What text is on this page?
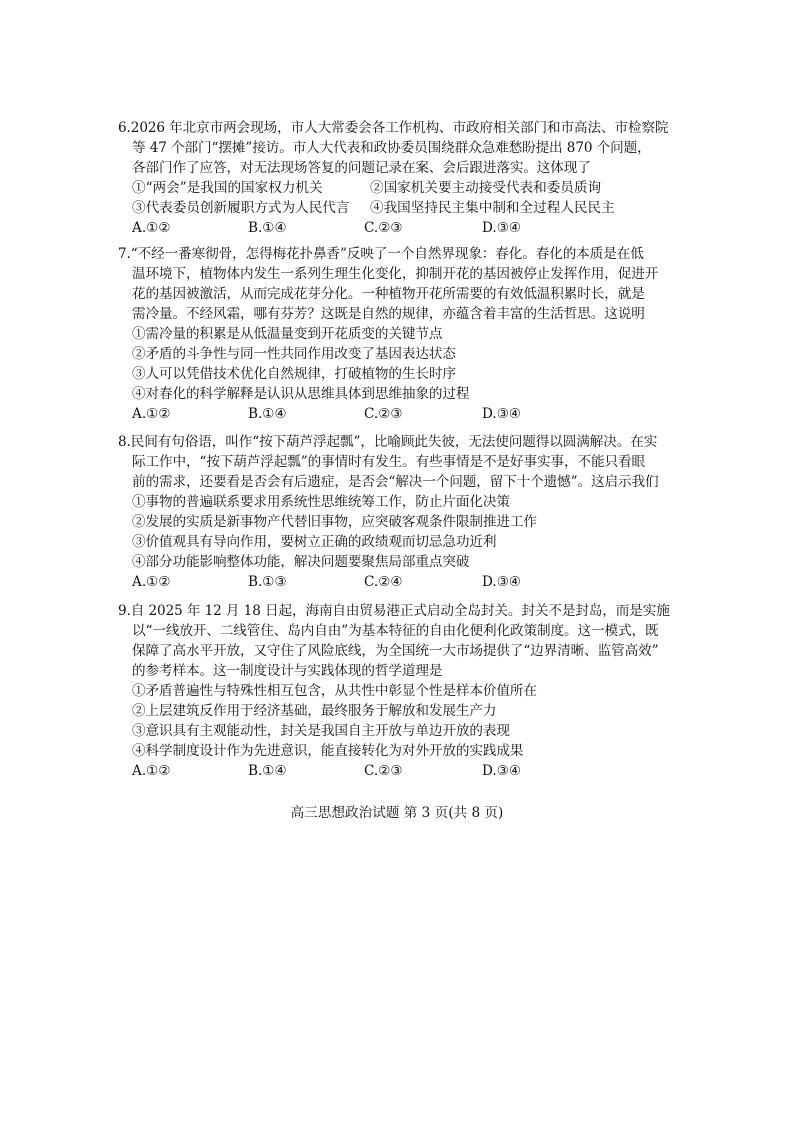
6.2026 年北京市两会现场，市人大常委会各工作机构、市政府相关部门和市高法、市检察院
等 47 个部门“摆摊”接访。市人大代表和政协委员围绕群众急难愁盼提出 870 个问题，
各部门作了应答，对无法现场答复的问题记录在案、会后跟进落实。这体现了
①“两会”是我国的国家权力机关	②国家机关要主动接受代表和委员质询
③代表委员创新履职方式为人民代言 ④我国坚持民主集中制和全过程人民民主
A.①②	B.①④	C.②③	D.③④
7.“不经一番寒彻骨，怎得梅花扑鼻香”反映了一个自然界现象：春化。春化的本质是在低
温环境下，植物体内发生一系列生理生化变化，抑制开花的基因被停止发挥作用，促进开
花的基因被激活，从而完成花芽分化。一种植物开花所需要的有效低温积累时长，就是
需冷量。不经风霜，哪有芬芳？这既是自然的规律，亦蕴含着丰富的生活哲思。这说明
①需冷量的积累是从低温量变到开花质变的关键节点
②矛盾的斗争性与同一性共同作用改变了基因表达状态
③人可以凭借技术优化自然规律，打破植物的生长时序
④对春化的科学解释是认识从思维具体到思维抽象的过程
A.①②	B.①④	C.②③	D.③④
8.民间有句俗语，叫作“按下葫芦浮起瓢”，比喻顾此失彼，无法使问题得以圆满解决。在实
际工作中，“按下葫芦浮起瓢”的事情时有发生。有些事情是不是好事实事，不能只看眼
前的需求，还要看是否会有后遗症，是否会“解决一个问题，留下十个遗憾”。这启示我们
①事物的普遍联系要求用系统性思维统筹工作，防止片面化决策
②发展的实质是新事物产代替旧事物，应突破客观条件限制推进工作
③价值观具有导向作用，要树立正确的政绩观而切忌急功近利
④部分功能影响整体功能，解决问题要聚焦局部重点突破
A.①②	B.①③	C.②④	D.③④
9.自 2025 年 12 月 18 日起，海南自由贸易港正式启动全岛封关。封关不是封岛，而是实施
以“一线放开、二线管住、岛内自由”为基本特征的自由化便利化政策制度。这一模式，既
保障了高水平开放，又守住了风险底线，为全国统一大市场提供了“边界清晰、监管高效”
的参考样本。这一制度设计与实践体现的哲学道理是
①矛盾普遍性与特殊性相互包含，从共性中彰显个性是样本价值所在
②上层建筑反作用于经济基础，最终服务于解放和发展生产力
③意识具有主观能动性，封关是我国自主开放与单边开放的表现
④科学制度设计作为先进意识，能直接转化为对外开放的实践成果
A.①②	B.①④	C.②③	D.③④
高三思想政治试题 第 3 页(共 8 页)
